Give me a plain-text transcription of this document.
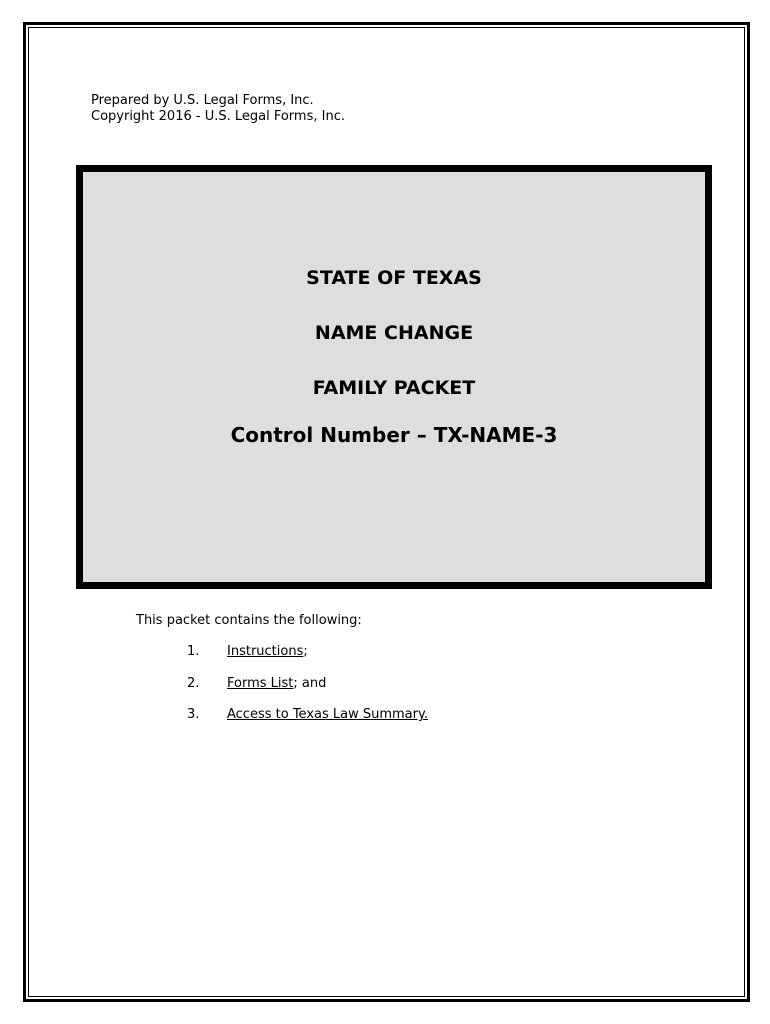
Prepared by U.S. Legal Forms, Inc.
Copyright 2016 - U.S. Legal Forms, Inc.
STATE OF TEXAS
NAME CHANGE
FAMILY PACKET
Control Number – TX-NAME-3
This packet contains the following:
1. Instructions;
2. Forms List; and
3. Access to Texas Law Summary.
